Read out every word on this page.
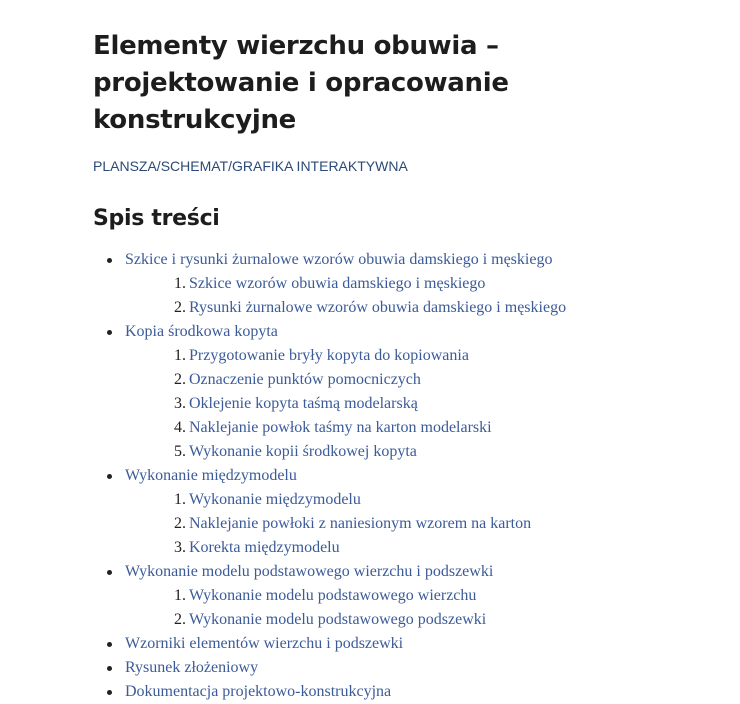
Elementy wierzchu obuwia – projektowanie i opracowanie konstrukcyjne
PLANSZA/SCHEMAT/GRAFIKA INTERAKTYWNA
Spis treści
Szkice i rysunki żurnalowe wzorów obuwia damskiego i męskiego
1. Szkice wzorów obuwia damskiego i męskiego
2. Rysunki żurnalowe wzorów obuwia damskiego i męskiego
Kopia środkowa kopyta
1. Przygotowanie bryły kopyta do kopiowania
2. Oznaczenie punktów pomocniczych
3. Oklejenie kopyta taśmą modelarską
4. Naklejanie powłok taśmy na karton modelarski
5. Wykonanie kopii środkowej kopyta
Wykonanie międzymodelu
1. Wykonanie międzymodelu
2. Naklejanie powłoki z naniesionym wzorem na karton
3. Korekta międzymodelu
Wykonanie modelu podstawowego wierzchu i podszewki
1. Wykonanie modelu podstawowego wierzchu
2. Wykonanie modelu podstawowego podszewki
Wzorniki elementów wierzchu i podszewki
Rysunek złożeniowy
Dokumentacja projektowo-konstrukcyjna
